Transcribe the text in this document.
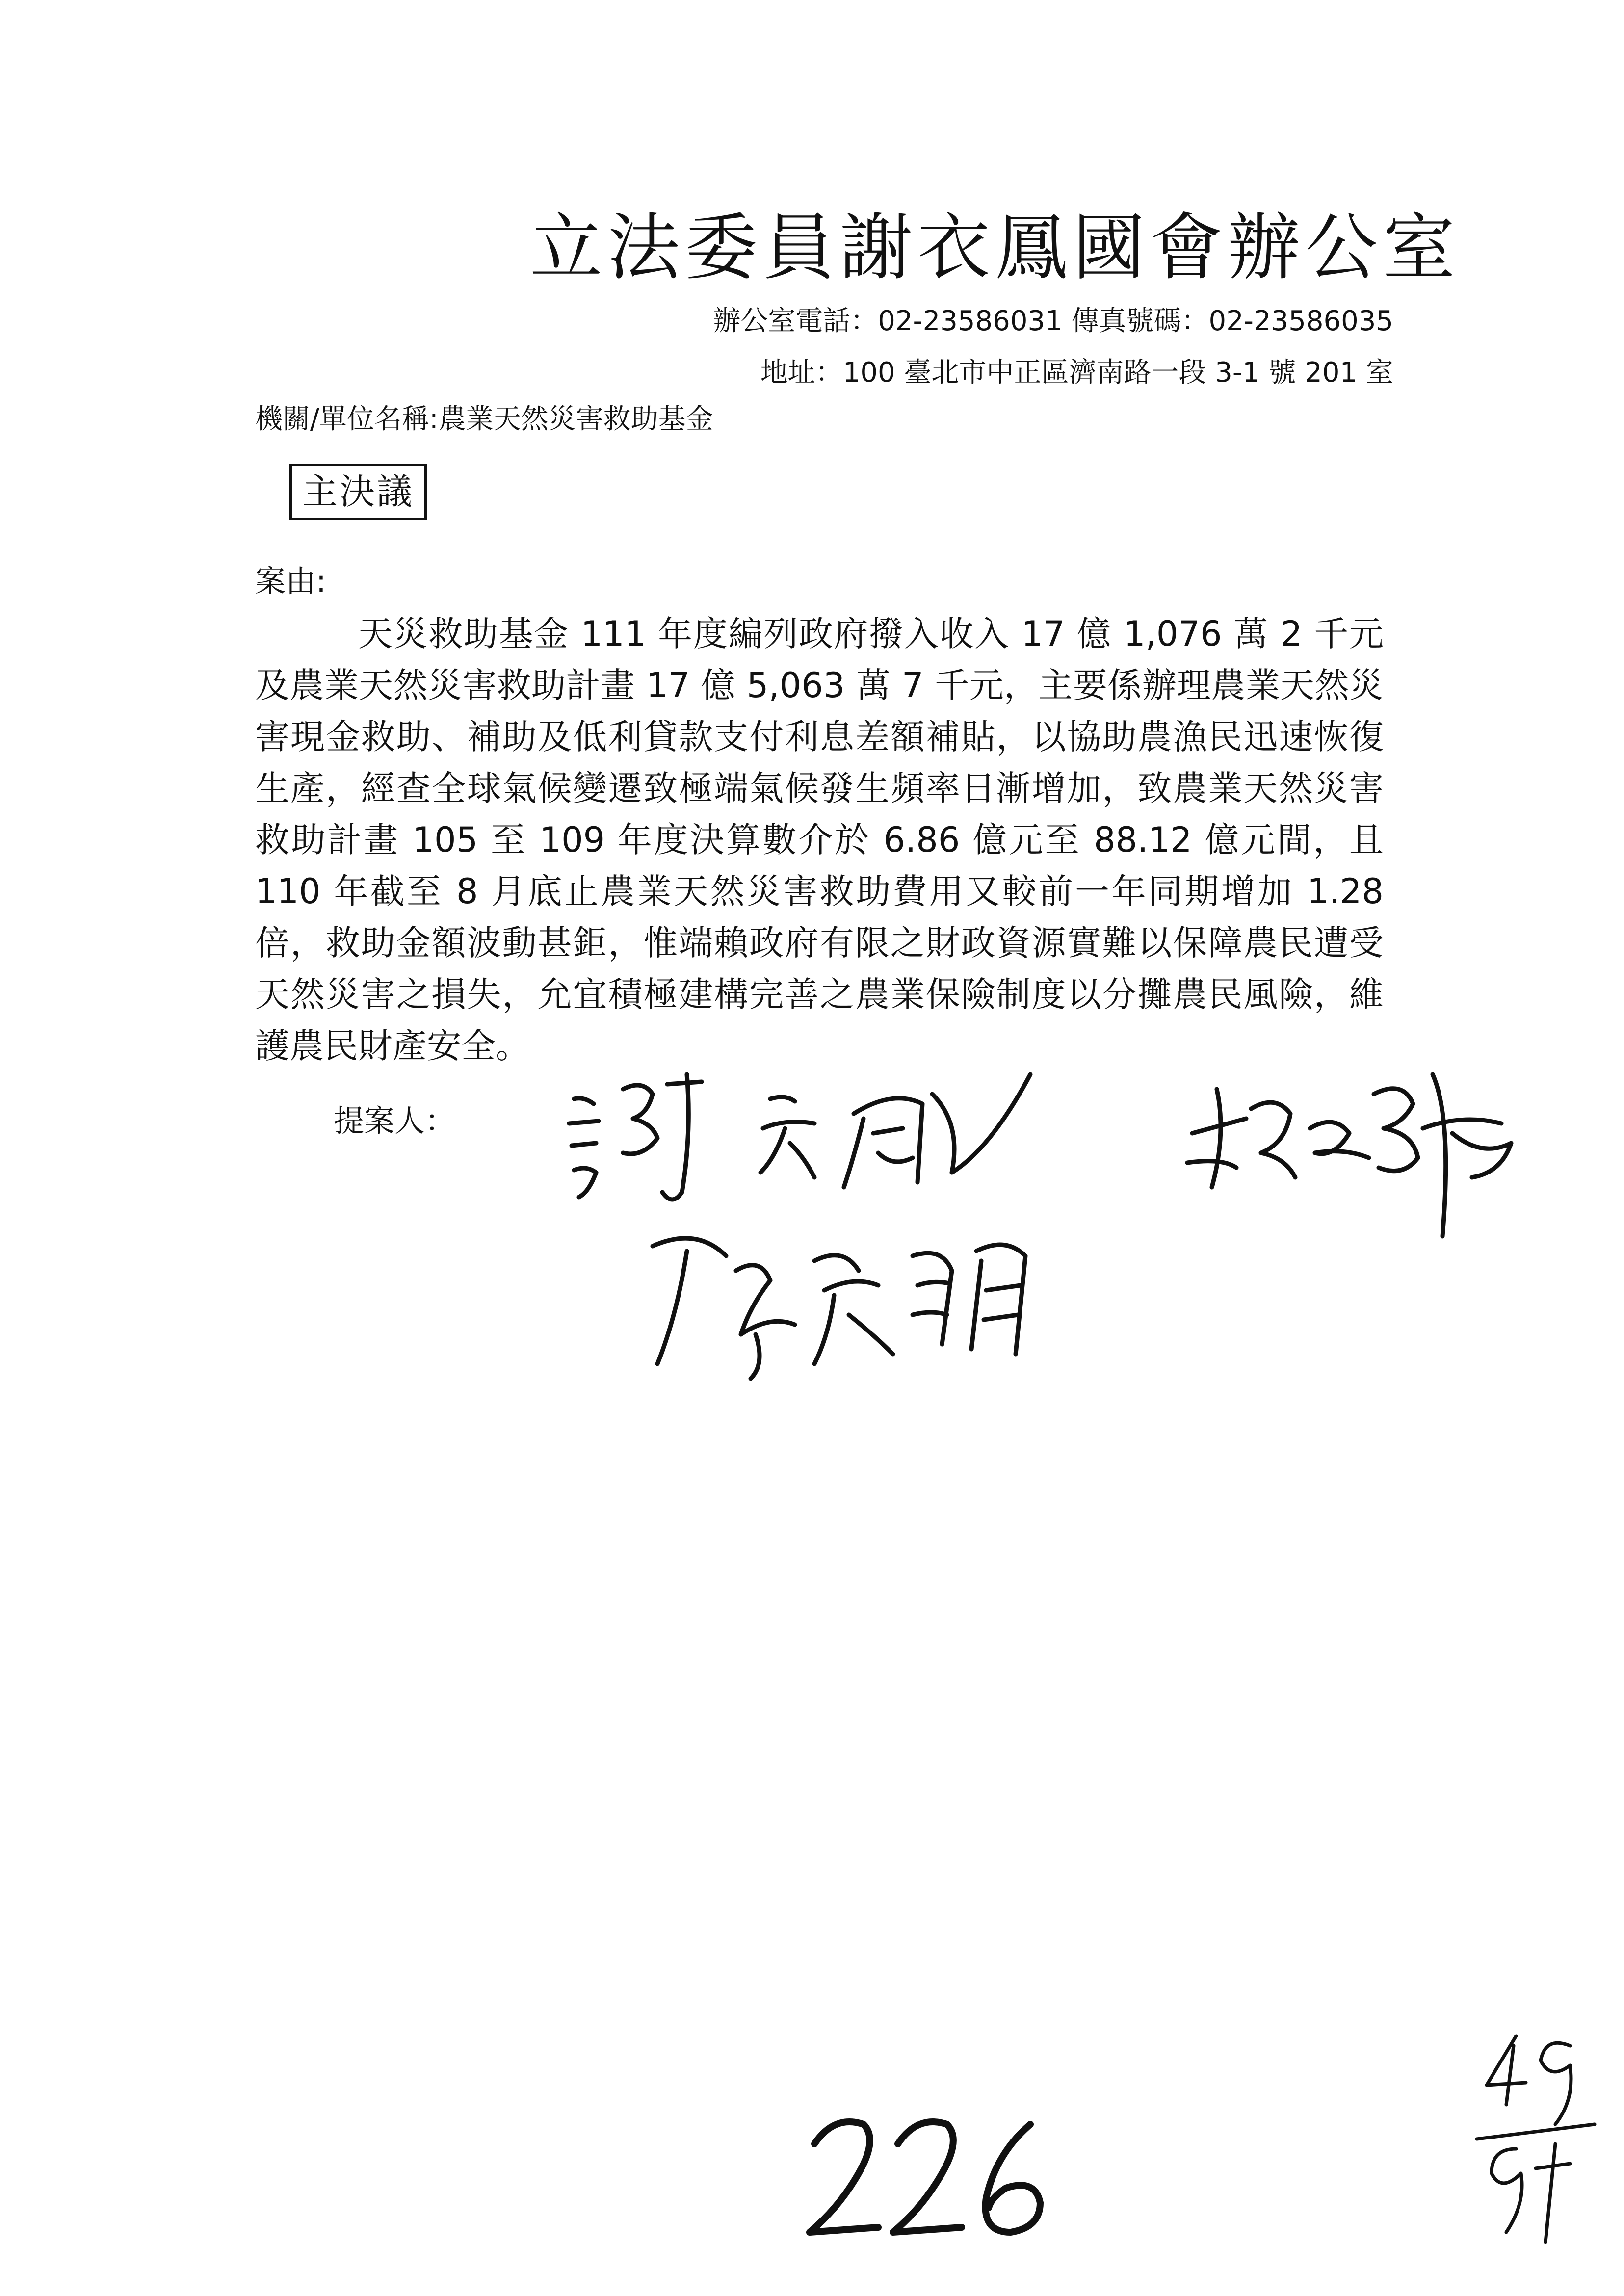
立法委員謝衣鳳國會辦公室
辦公室電話：02-23586031 傳真號碼：02-23586035
地址：100 臺北市中正區濟南路一段 3-1 號 201 室
機關/單位名稱:農業天然災害救助基金
主決議
案由:
天災救助基金 111 年度編列政府撥入收入 17 億 1,076 萬 2 千元及農業天然災害救助計畫 17 億 5,063 萬 7 千元，主要係辦理農業天然災害現金救助、補助及低利貸款支付利息差額補貼，以協助農漁民迅速恢復生產，經查全球氣候變遷致極端氣候發生頻率日漸增加，致農業天然災害救助計畫 105 至 109 年度決算數介於 6.86 億元至 88.12 億元間，且 110 年截至 8 月底止農業天然災害救助費用又較前一年同期增加 1.28 倍，救助金額波動甚鉅，惟端賴政府有限之財政資源實難以保障農民遭受天然災害之損失，允宜積極建構完善之農業保險制度以分攤農民風險，維護農民財產安全。
提案人：
